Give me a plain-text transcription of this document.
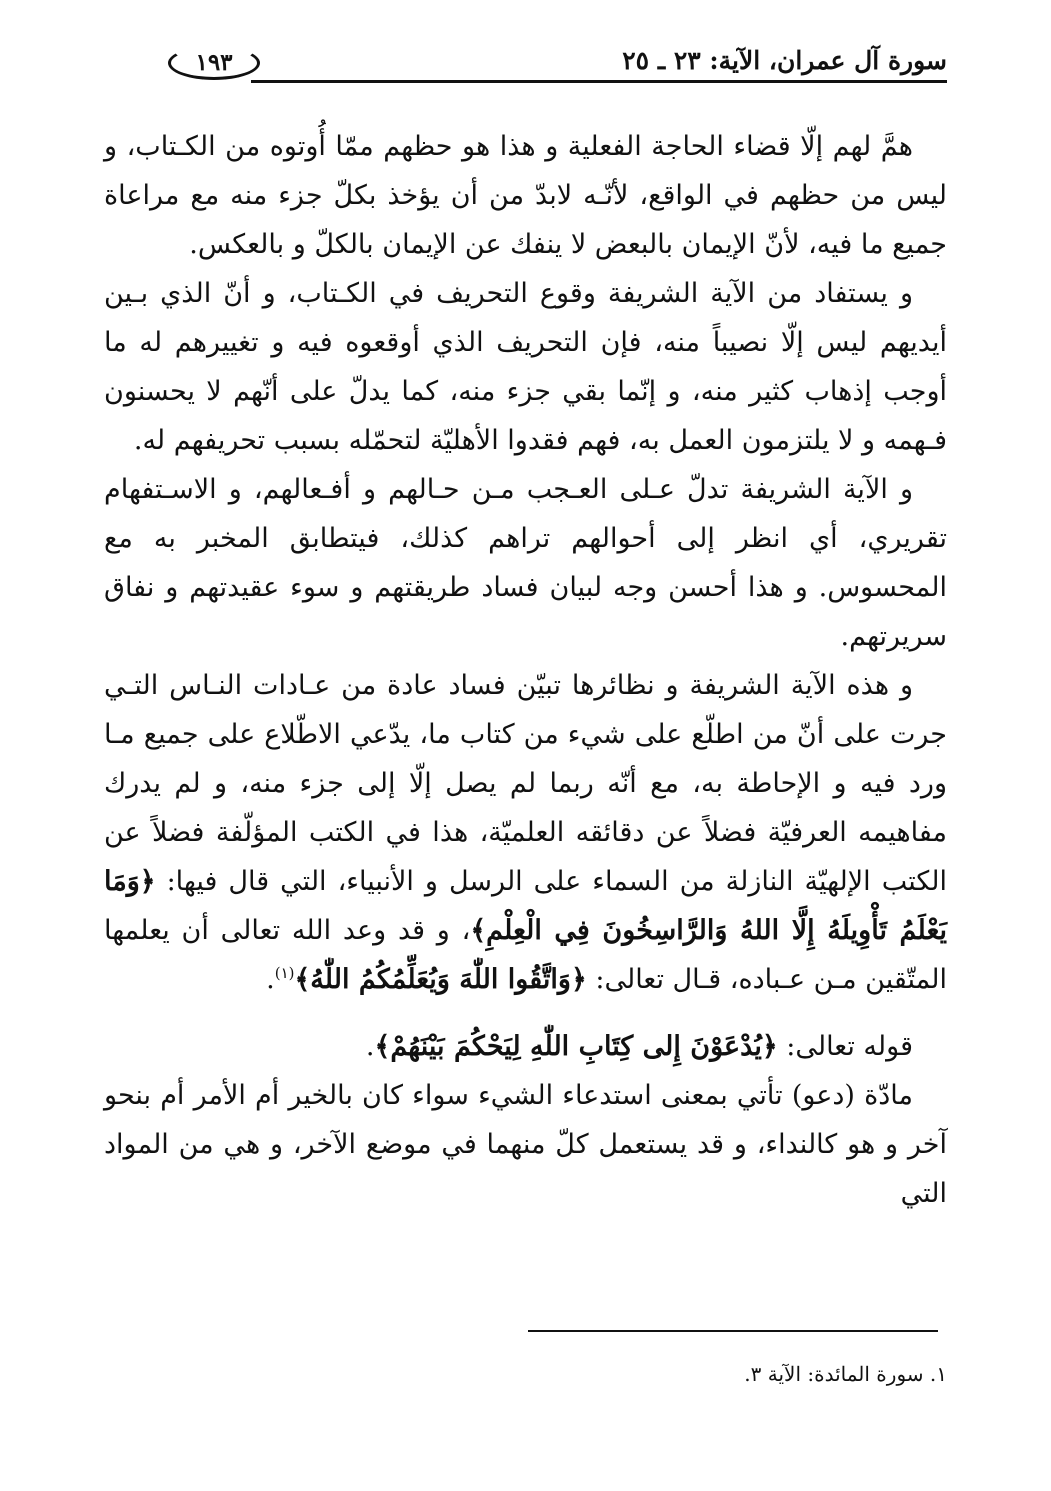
سورة آل عمران، الآية: ٢٣ ـ ٢٥
١٩٣

همَّ لهم إلّا قضاء الحاجة الفعلية و هذا هو حظهم ممّا أُوتوه من الكـتاب، و ليس من حظهم في الواقع، لأنّـه لابدّ من أن يؤخذ بكلّ جزء منه مع مراعاة جميع ما فيه، لأنّ الإيمان بالبعض لا ينفك عن الإيمان بالكلّ و بالعكس.

و يستفاد من الآية الشريفة وقوع التحريف في الكـتاب، و أنّ الذي بـين أيديهم ليس إلّا نصيباً منه، فإن التحريف الذي أوقعوه فيه و تغييرهم له ما أوجب إذهاب كثير منه، و إنّما بقي جزء منه، كما يدلّ على أنّهم لا يحسنون فـهمه و لا يلتزمون العمل به، فهم فقدوا الأهليّة لتحمّله بسبب تحريفهم له.

و الآية الشريفة تدلّ عـلى العـجب مـن حـالهم و أفـعالهم، و الاسـتفهام تقريري، أي انظر إلى أحوالهم تراهم كذلك، فيتطابق المخبر به مع المحسوس. و هذا أحسن وجه لبيان فساد طريقتهم و سوء عقيدتهم و نفاق سريرتهم.

و هذه الآية الشريفة و نظائرها تبيّن فساد عادة من عـادات النـاس التـي جرت على أنّ من اطلّع على شيء من كتاب ما، يدّعي الاطّلاع على جميع مـا ورد فيه و الإحاطة به، مع أنّه ربما لم يصل إلّا إلى جزء منه، و لم يدرك مفاهيمه العرفيّة فضلاً عن دقائقه العلميّة، هذا في الكتب المؤلّفة فضلاً عن الكتب الإلهيّة النازلة من السماء على الرسل و الأنبياء، التي قال فيها: ﴿وَمَا يَعْلَمُ تَأْوِيلَهُ إِلَّا اللهُ وَالرَّاسِخُونَ فِي الْعِلْمِ﴾، و قد وعد الله تعالى أن يعلمها المتّقين مـن عـباده، قـال تعالى: ﴿وَاتَّقُوا اللّٰهَ وَيُعَلِّمُكُمُ اللّٰهُ﴾$^{(١)}$.

قوله تعالى: ﴿يُدْعَوْنَ إِلى كِتَابِ اللّٰهِ لِيَحْكُمَ بَيْنَهُمْ﴾.

مادّة (دعو) تأتي بمعنى استدعاء الشيء سواء كان بالخير أم الأمر أم بنحو آخر و هو كالنداء، و قد يستعمل كلّ منهما في موضع الآخر، و هي من المواد التي

١. سورة المائدة: الآية ٣.
